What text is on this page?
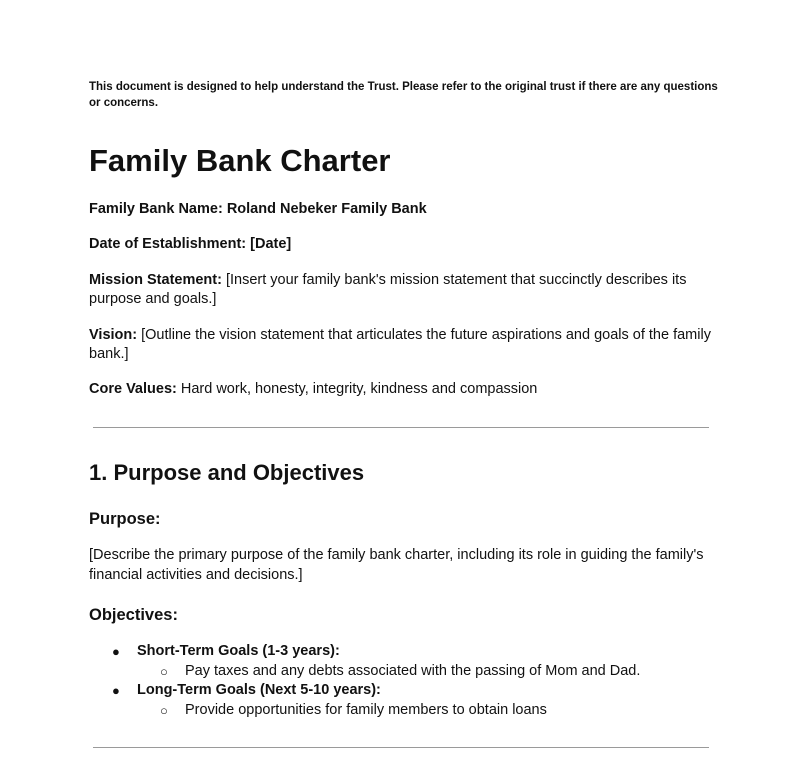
This document is designed to help understand the Trust. Please refer to the original trust if there are any questions or concerns.
Family Bank Charter

Family Bank Name: Roland Nebeker Family Bank

Date of Establishment: [Date]

Mission Statement: [Insert your family bank's mission statement that succinctly describes its purpose and goals.]

Vision: [Outline the vision statement that articulates the future aspirations and goals of the family bank.]

Core Values: Hard work, honesty, integrity, kindness and compassion

1. Purpose and Objectives
Purpose:

[Describe the primary purpose of the family bank charter, including its role in guiding the family's financial activities and decisions.]

Objectives:
● Short-Term Goals (1-3 years):
○ Pay taxes and any debts associated with the passing of Mom and Dad.
● Long-Term Goals (Next 5-10 years):
○ Provide opportunities for family members to obtain loans
